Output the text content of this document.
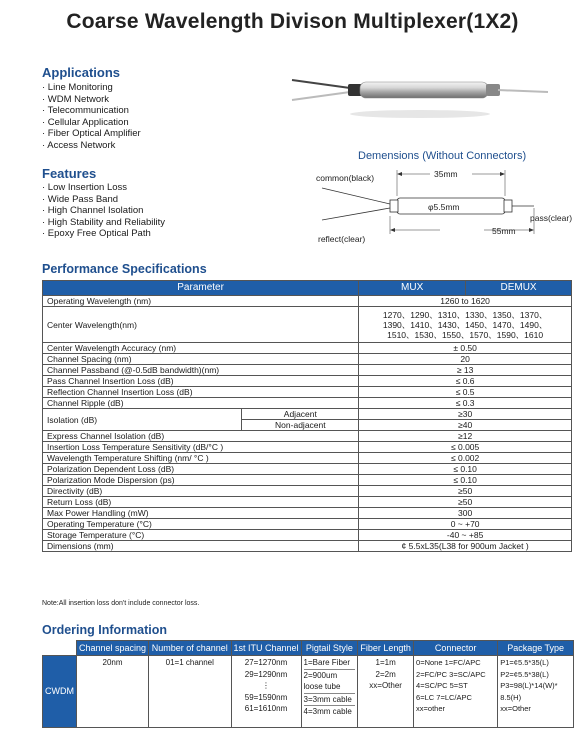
Coarse Wavelength Divison Multiplexer(1X2)
Applications
· Line Monitoring
· WDM Network
· Telecommunication
· Cellular Application
· Fiber Optical Amplifier
· Access Network
Features
· Low Insertion Loss
· Wide Pass Band
· High Channel Isolation
· High Stability and Reliability
· Epoxy Free Optical Path
Demensions (Without Connectors)
common(black)
reflect(clear)
pass(clear)
35mm
φ5.5mm
55mm
Performance Specifications
Parameter		MUX	DEMUX
Operating Wavelength (nm)		1260 to 1620	
Center Wavelength(nm)		1270、1290、1310、1330、1350、1370、
1390、1410、1430、1450、1470、1490、
1510、1530、1550、1570、1590、1610	

Center Wavelength Accuracy (nm)		± 0.50	
Channel Spacing (nm)		20	
Channel Passband (@-0.5dB bandwidth)(nm)		≥ 13	
Pass Channel Insertion Loss (dB)		≤ 0.6	
Reflection Channel Insertion Loss (dB)		≤ 0.5	
Channel Ripple (dB)		≤ 0.3	
Isolation (dB)	Adjacent	≥30	
	Non-adjacent	≥40	
Express Channel Isolation (dB)		≥12	
Insertion Loss Temperature Sensitivity (dB/°C )		≤ 0.005	
Wavelength Temperature Shifting (nm/ °C )		≤ 0.002	
Polarization Dependent Loss (dB)		≤ 0.10	
Polarization Mode Dispersion (ps)		≤ 0.10	
Directivity (dB)		≥50	
Return Loss (dB)		≥50	
Max Power Handling (mW)		300	
Operating Temperature (°C)		0 ~ +70	
Storage Temperature (°C)		-40 ~ +85	
Dimensions (mm)		¢ 5.5xL35(L38 for 900um Jacket )	
Note:All insertion loss don't include connector loss.
Ordering Information
	Channel spacing	Number of channel	1st ITU Channel	Pigtail Style	Fiber Length	Connector	Package Type
CWDM	20nm	01=1 channel	27=1270nm
29=1290nm
⋮
59=1590nm
61=1610nm	1=Bare Fiber
2=900um
loose tube
3=3mm cable
4=3mm cable	1=1m
2=2m
xx=Other	0=None 1=FC/APC
2=FC/PC 3=SC/APC
4=SC/PC 5=ST
6=LC 7=LC/APC
xx=other	P1=¢5.5*35(L)
P2=¢5.5*38(L)
P3=98(L)*14(W)*
8.5(H)
xx=Other
